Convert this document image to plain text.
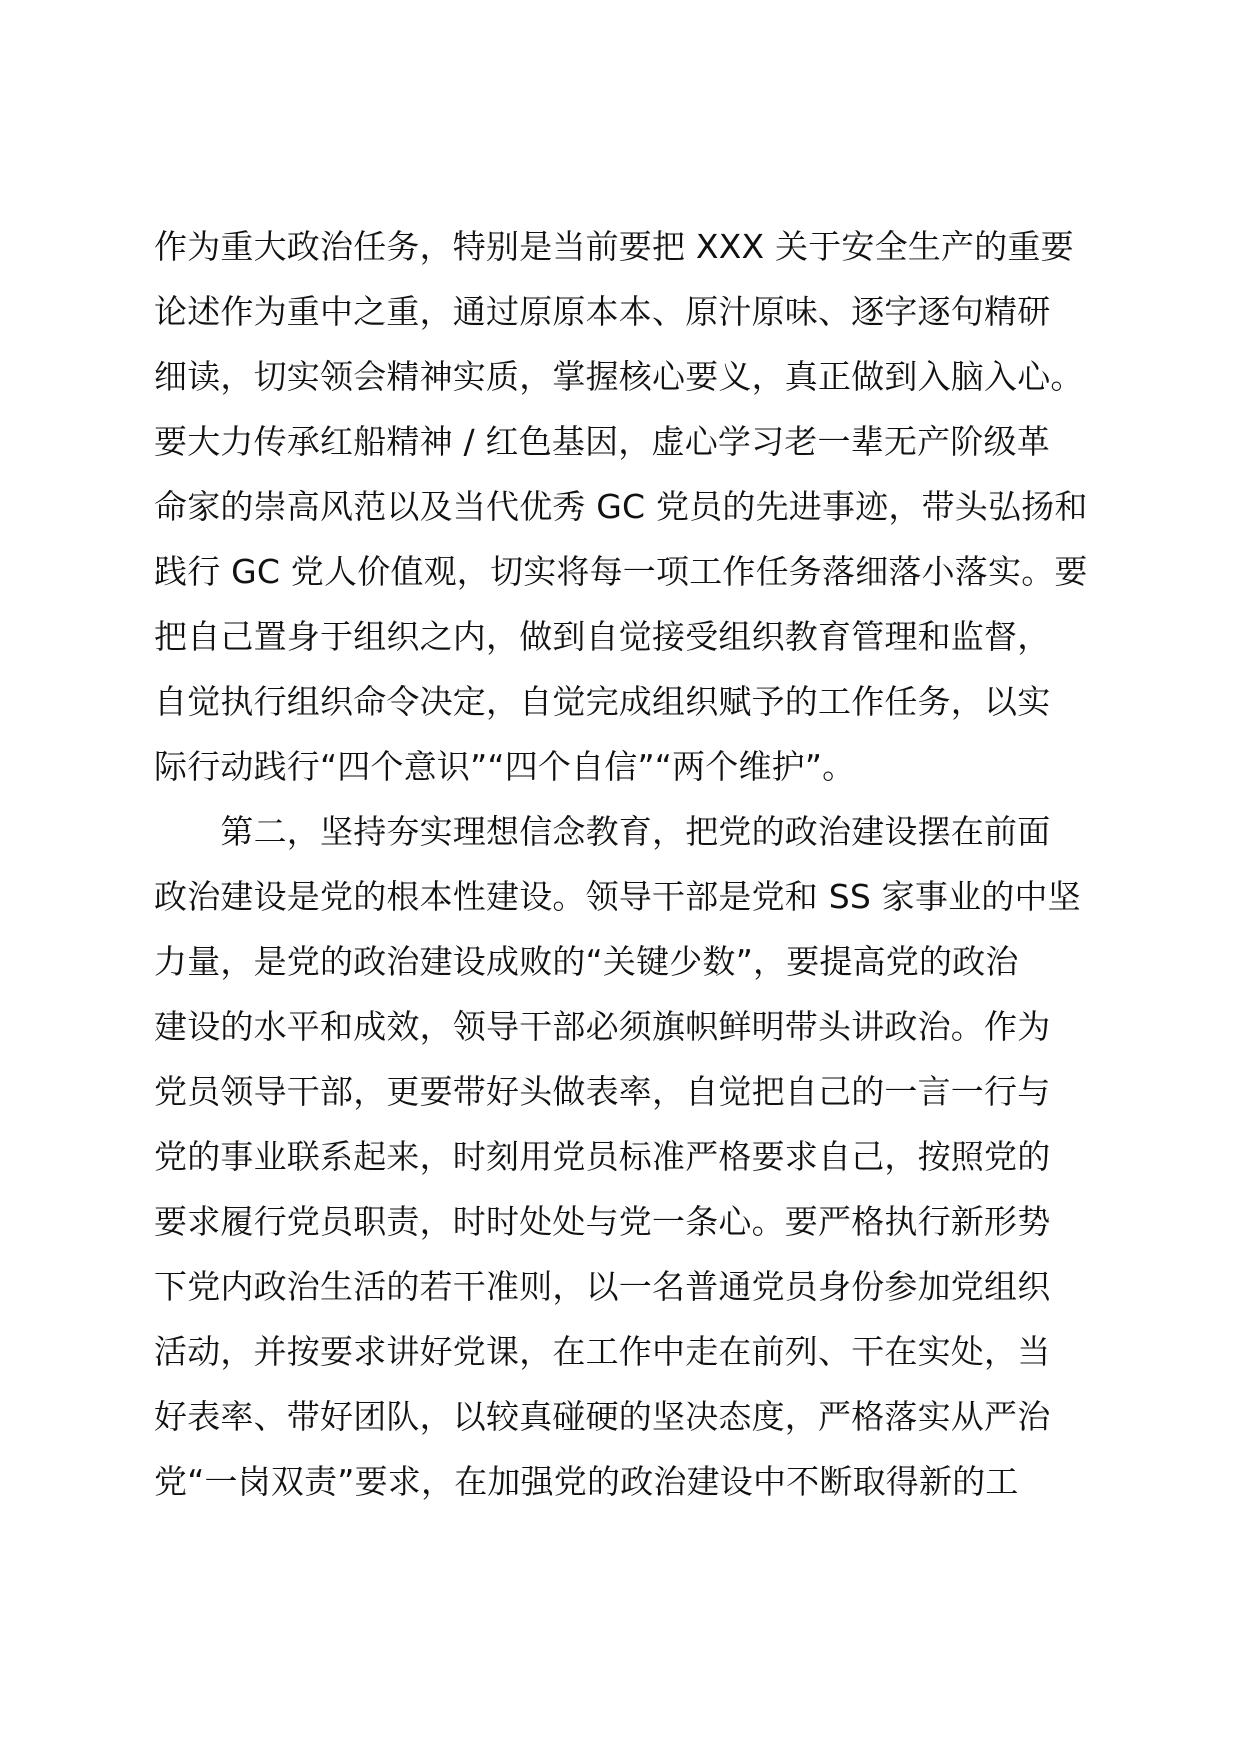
作为重大政治任务，特别是当前要把 XXX 关于安全生产的重要
论述作为重中之重，通过原原本本、原汁原味、逐字逐句精研
细读，切实领会精神实质，掌握核心要义，真正做到入脑入心。
要大力传承红船精神 / 红色基因，虚心学习老一辈无产阶级革
命家的崇高风范以及当代优秀 GC 党员的先进事迹，带头弘扬和
践行 GC 党人价值观，切实将每一项工作任务落细落小落实。要
把自己置身于组织之内，做到自觉接受组织教育管理和监督，
自觉执行组织命令决定，自觉完成组织赋予的工作任务，以实
际行动践行“四个意识”“四个自信”“两个维护”。
　　第二，坚持夯实理想信念教育，把党的政治建设摆在前面
政治建设是党的根本性建设。领导干部是党和 SS 家事业的中坚
力量，是党的政治建设成败的“关键少数”，要提高党的政治
建设的水平和成效，领导干部必须旗帜鲜明带头讲政治。作为
党员领导干部，更要带好头做表率，自觉把自己的一言一行与
党的事业联系起来，时刻用党员标准严格要求自己，按照党的
要求履行党员职责，时时处处与党一条心。要严格执行新形势
下党内政治生活的若干准则，以一名普通党员身份参加党组织
活动，并按要求讲好党课，在工作中走在前列、干在实处，当
好表率、带好团队，以较真碰硬的坚决态度，严格落实从严治
党“一岗双责”要求，在加强党的政治建设中不断取得新的工
